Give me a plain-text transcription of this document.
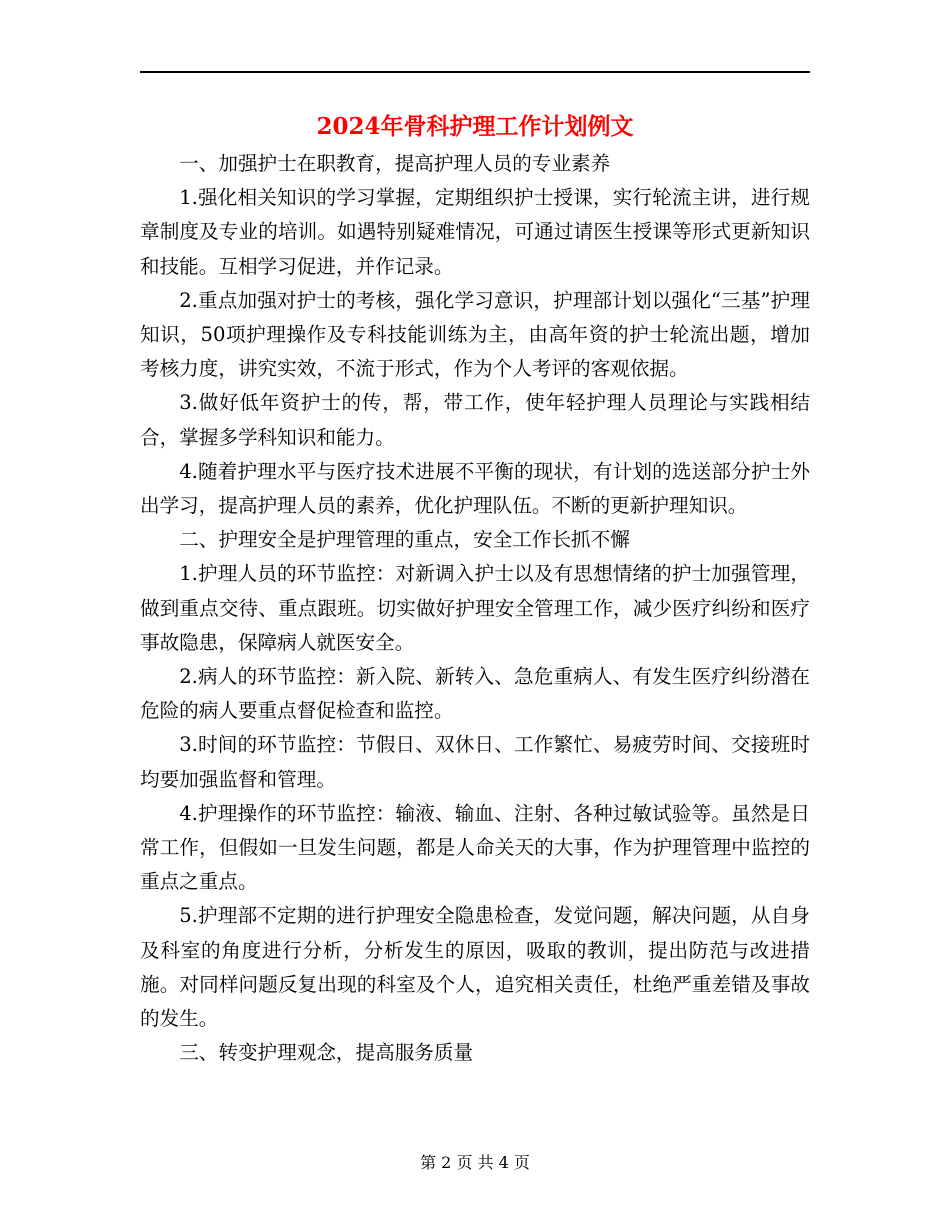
2024年骨科护理工作计划例文

一、加强护士在职教育，提高护理人员的专业素养

1.强化相关知识的学习掌握，定期组织护士授课，实行轮流主讲，进行规章制度及专业的培训。如遇特别疑难情况，可通过请医生授课等形式更新知识和技能。互相学习促进，并作记录。

2.重点加强对护士的考核，强化学习意识，护理部计划以强化“三基”护理知识，50项护理操作及专科技能训练为主，由高年资的护士轮流出题，增加考核力度，讲究实效，不流于形式，作为个人考评的客观依据。

3.做好低年资护士的传，帮，带工作，使年轻护理人员理论与实践相结合，掌握多学科知识和能力。

4.随着护理水平与医疗技术进展不平衡的现状，有计划的选送部分护士外出学习，提高护理人员的素养，优化护理队伍。不断的更新护理知识。

二、护理安全是护理管理的重点，安全工作长抓不懈

1.护理人员的环节监控：对新调入护士以及有思想情绪的护士加强管理，做到重点交待、重点跟班。切实做好护理安全管理工作，减少医疗纠纷和医疗事故隐患，保障病人就医安全。

2.病人的环节监控：新入院、新转入、急危重病人、有发生医疗纠纷潜在危险的病人要重点督促检查和监控。

3.时间的环节监控：节假日、双休日、工作繁忙、易疲劳时间、交接班时均要加强监督和管理。

4.护理操作的环节监控：输液、输血、注射、各种过敏试验等。虽然是日常工作，但假如一旦发生问题，都是人命关天的大事，作为护理管理中监控的重点之重点。

5.护理部不定期的进行护理安全隐患检查，发觉问题，解决问题，从自身及科室的角度进行分析，分析发生的原因，吸取的教训，提出防范与改进措施。对同样问题反复出现的科室及个人，追究相关责任，杜绝严重差错及事故的发生。

三、转变护理观念，提高服务质量

第 2 页 共 4 页
